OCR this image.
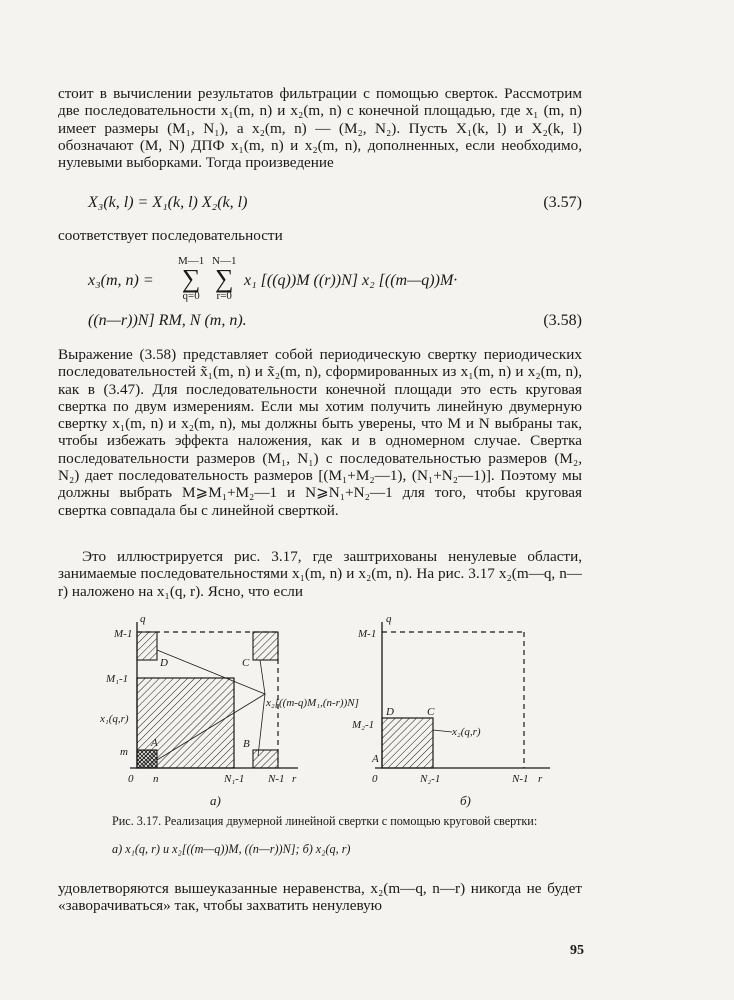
стоит в вычислении результатов фильтрации с помощью сверток. Рассмотрим две последовательности x₁(m, n) и x₂(m, n) с конечной площадью, где x₁ (m, n) имеет размеры (M₁, N₁), а x₂(m, n) — (M₂, N₂). Пусть X₁(k, l) и X₂(k, l) обозначают (M, N) ДПФ x₁(m, n) и x₂(m, n), дополненных, если необходимо, нулевыми выборками. Тогда произведение

X₃(k, l) = X₁(k, l) X₂(k, l)	(3.57)

соответствует последовательности

x₃(m, n) =
M—1
∑
q=0
N—1
∑
r=0
x₁ [((q))M ((r))N] x₂ [((m—q))M·
((n—r))N] RM, N (m, n).	(3.58)

Выражение (3.58) представляет собой периодическую свертку периодических последовательностей x̃₁(m, n) и x̃₂(m, n), сформированных из x₁(m, n) и x₂(m, n), как в (3.47). Для последовательности конечной площади это есть круговая свертка по двум измерениям. Если мы хотим получить линейную двумерную свертку x₁(m, n) и x₂(m, n), мы должны быть уверены, что M и N выбраны так, чтобы избежать эффекта наложения, как и в одномерном случае. Свертка последовательности размеров (M₁, N₁) с последовательностью размеров (M₂, N₂) дает последовательность размеров [(M₁+M₂—1), (N₁+N₂—1)]. Поэтому мы должны выбрать M⩾M₁+M₂—1 и N⩾N₁+N₂—1 для того, чтобы круговая свертка совпадала бы с линейной сверткой.

Это иллюстрируется рис. 3.17, где заштрихованы ненулевые области, занимаемые последовательностями x₁(m, n) и x₂(m, n). На рис. 3.17 x₂(m—q, n—r) наложено на x₁(q, r). Ясно, что если

M-1
M₁-1
x₁(q,r)
m
q
D	C
A	B
0 n	N₁-1 N-1 r
x₂[((m-q)M₁,(n-r))N]
а)
M-1
M₂-1
q
D	C
A
0	N₂-1	N-1 r
x₂(q,r)
б)

Рис. 3.17. Реализация двумерной линейной свертки с помощью круговой свертки:

а) x₁(q, r) и x₂[((m—q))M, ((n—r))N]; б) x₂(q, r)

удовлетворяются вышеуказанные неравенства, x₂(m—q, n—r) никогда не будет «заворачиваться» так, чтобы захватить ненулевую

95
